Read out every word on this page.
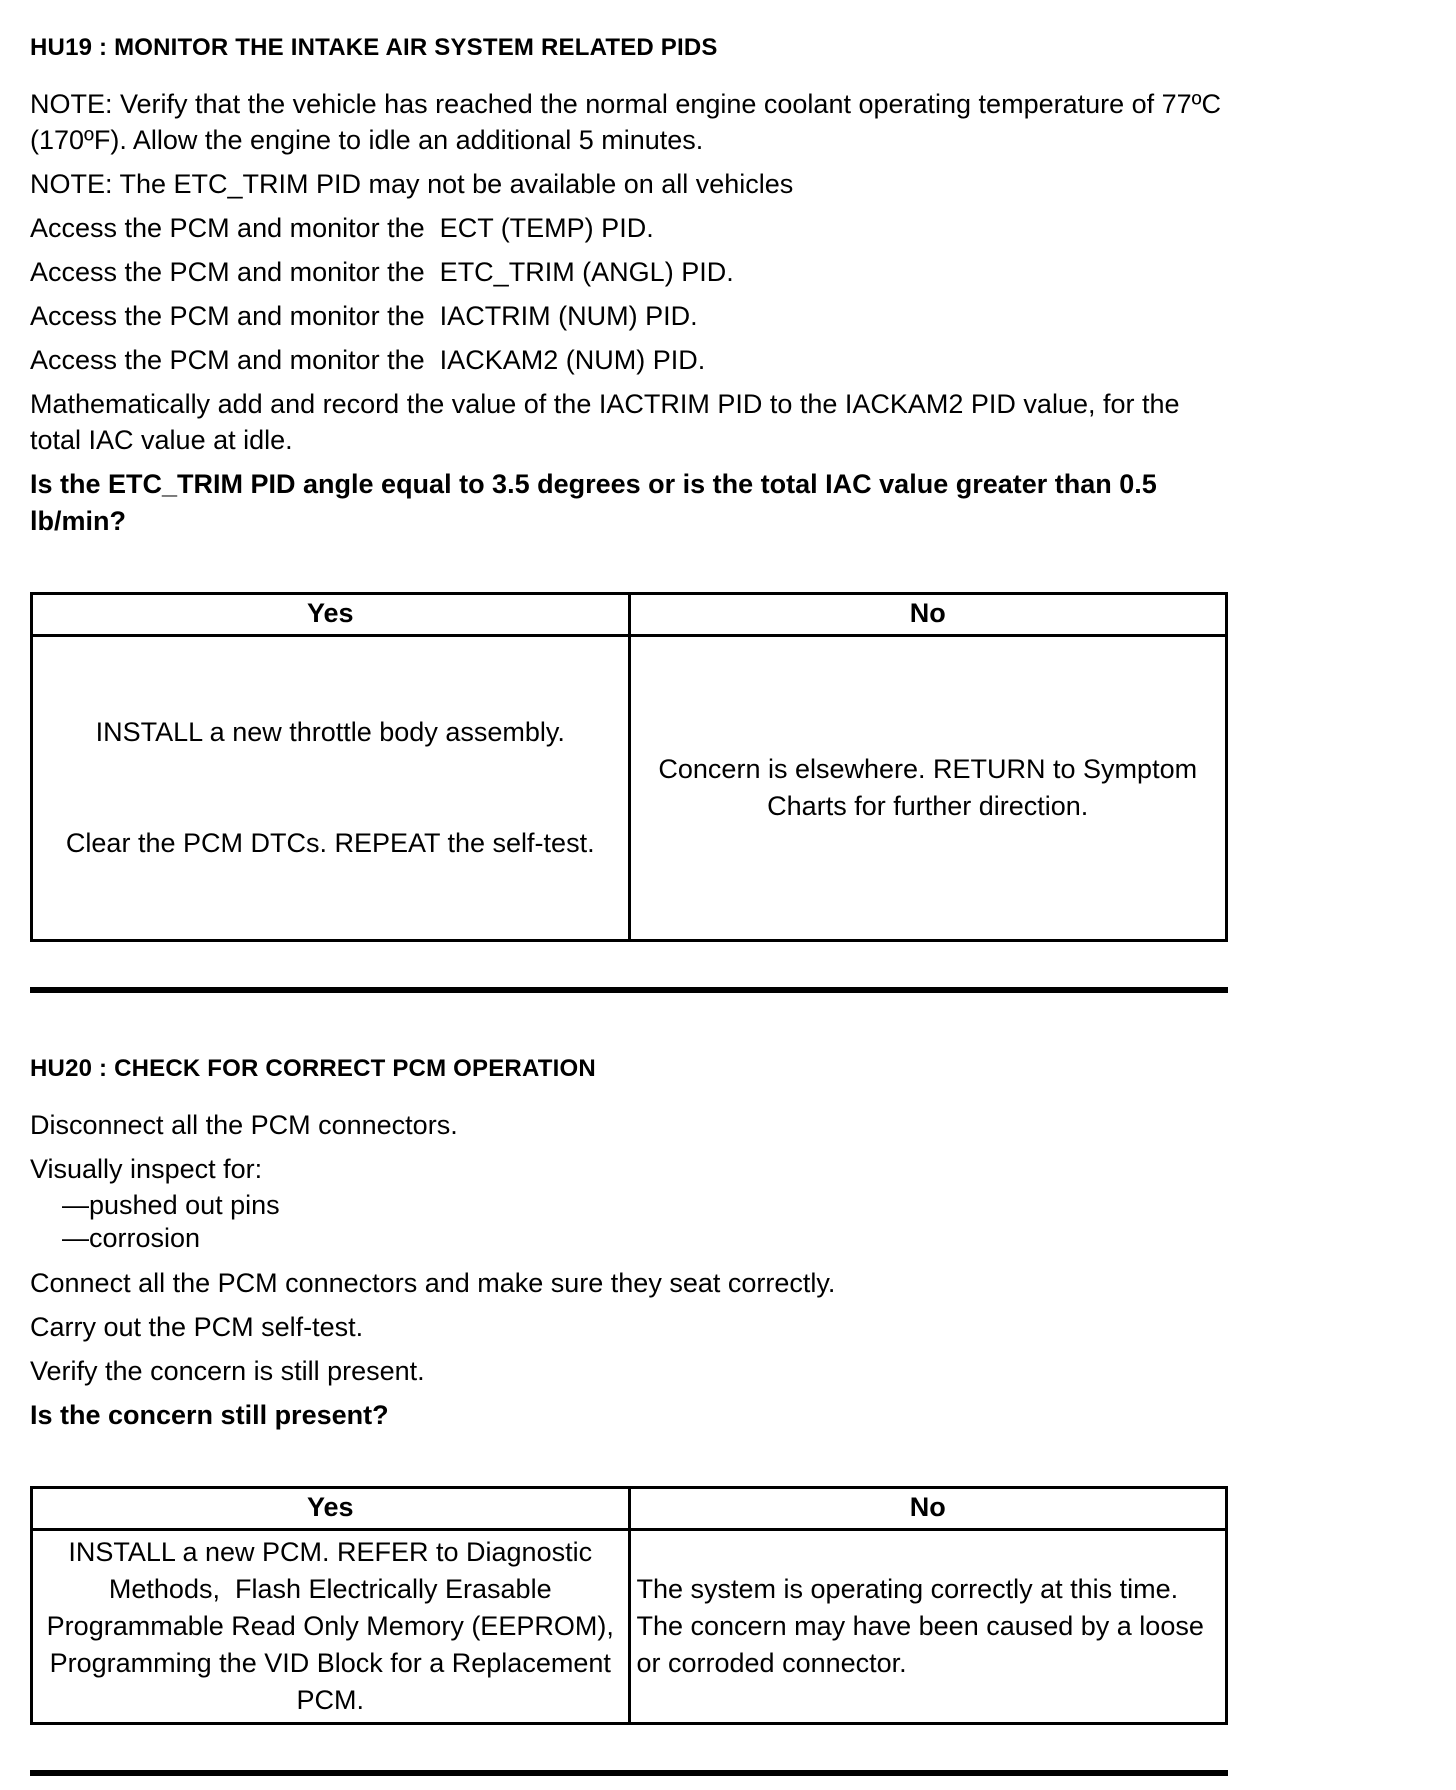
HU19 : MONITOR THE INTAKE AIR SYSTEM RELATED PIDS

NOTE: Verify that the vehicle has reached the normal engine coolant operating temperature of 77ºC (170ºF). Allow the engine to idle an additional 5 minutes.

NOTE: The ETC_TRIM PID may not be available on all vehicles

Access the PCM and monitor the  ECT (TEMP) PID.

Access the PCM and monitor the  ETC_TRIM (ANGL) PID.

Access the PCM and monitor the  IACTRIM (NUM) PID.

Access the PCM and monitor the  IACKAM2 (NUM) PID.

Mathematically add and record the value of the IACTRIM PID to the IACKAM2 PID value, for the total IAC value at idle.

Is the ETC_TRIM PID angle equal to 3.5 degrees or is the total IAC value greater than 0.5 lb/min?

Yes	No

INSTALL a new throttle body assembly.

Clear the PCM DTCs. REPEAT the self-test.	Concern is elsewhere. RETURN to Symptom Charts for further direction.
HU20 : CHECK FOR CORRECT PCM OPERATION

Disconnect all the PCM connectors.

Visually inspect for:

—pushed out pins

—corrosion

Connect all the PCM connectors and make sure they seat correctly.

Carry out the PCM self-test.

Verify the concern is still present.

Is the concern still present?

Yes	No
INSTALL a new PCM. REFER to Diagnostic Methods,  Flash Electrically Erasable Programmable Read Only Memory (EEPROM), Programming the VID Block for a Replacement PCM.	The system is operating correctly at this time. The concern may have been caused by a loose or corroded connector.
